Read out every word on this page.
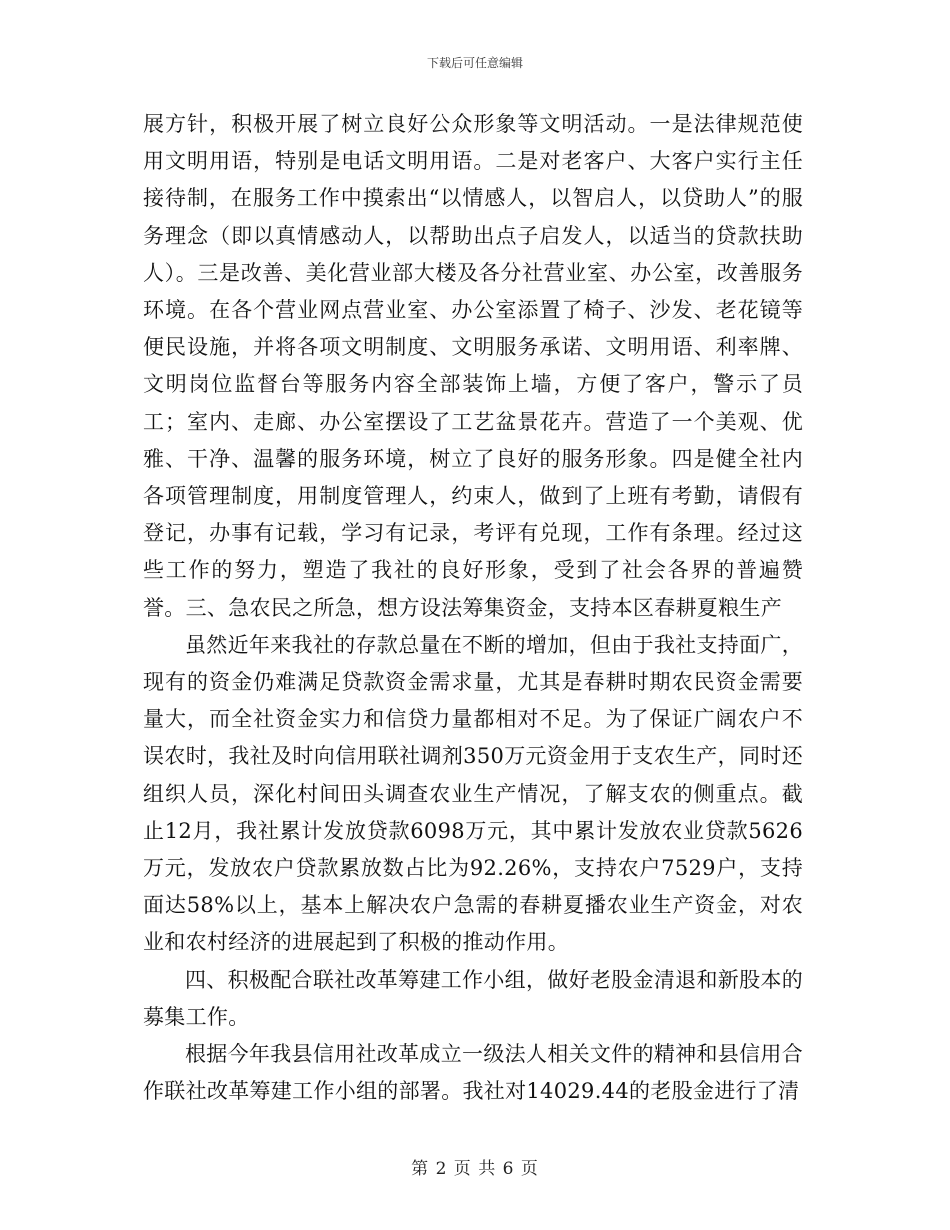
下载后可任意编辑

展方针，积极开展了树立良好公众形象等文明活动。一是法律规范使用文明用语，特别是电话文明用语。二是对老客户、大客户实行主任接待制，在服务工作中摸索出“以情感人，以智启人，以贷助人”的服务理念（即以真情感动人，以帮助出点子启发人，以适当的贷款扶助人）。三是改善、美化营业部大楼及各分社营业室、办公室，改善服务环境。在各个营业网点营业室、办公室添置了椅子、沙发、老花镜等便民设施，并将各项文明制度、文明服务承诺、文明用语、利率牌、文明岗位监督台等服务内容全部装饰上墙，方便了客户，警示了员工；室内、走廊、办公室摆设了工艺盆景花卉。营造了一个美观、优雅、干净、温馨的服务环境，树立了良好的服务形象。四是健全社内各项管理制度，用制度管理人，约束人，做到了上班有考勤，请假有登记，办事有记载，学习有记录，考评有兑现，工作有条理。经过这些工作的努力，塑造了我社的良好形象，受到了社会各界的普遍赞誉。三、急农民之所急，想方设法筹集资金，支持本区春耕夏粮生产

虽然近年来我社的存款总量在不断的增加，但由于我社支持面广，现有的资金仍难满足贷款资金需求量，尤其是春耕时期农民资金需要量大，而全社资金实力和信贷力量都相对不足。为了保证广阔农户不误农时，我社及时向信用联社调剂350万元资金用于支农生产，同时还组织人员，深化村间田头调查农业生产情况，了解支农的侧重点。截止12月，我社累计发放贷款6098万元，其中累计发放农业贷款5626万元，发放农户贷款累放数占比为92.26%，支持农户7529户，支持面达58%以上，基本上解决农户急需的春耕夏播农业生产资金，对农业和农村经济的进展起到了积极的推动作用。

四、积极配合联社改革筹建工作小组，做好老股金清退和新股本的募集工作。

根据今年我县信用社改革成立一级法人相关文件的精神和县信用合作联社改革筹建工作小组的部署。我社对14029.44的老股金进行了清

第 2 页 共 6 页
